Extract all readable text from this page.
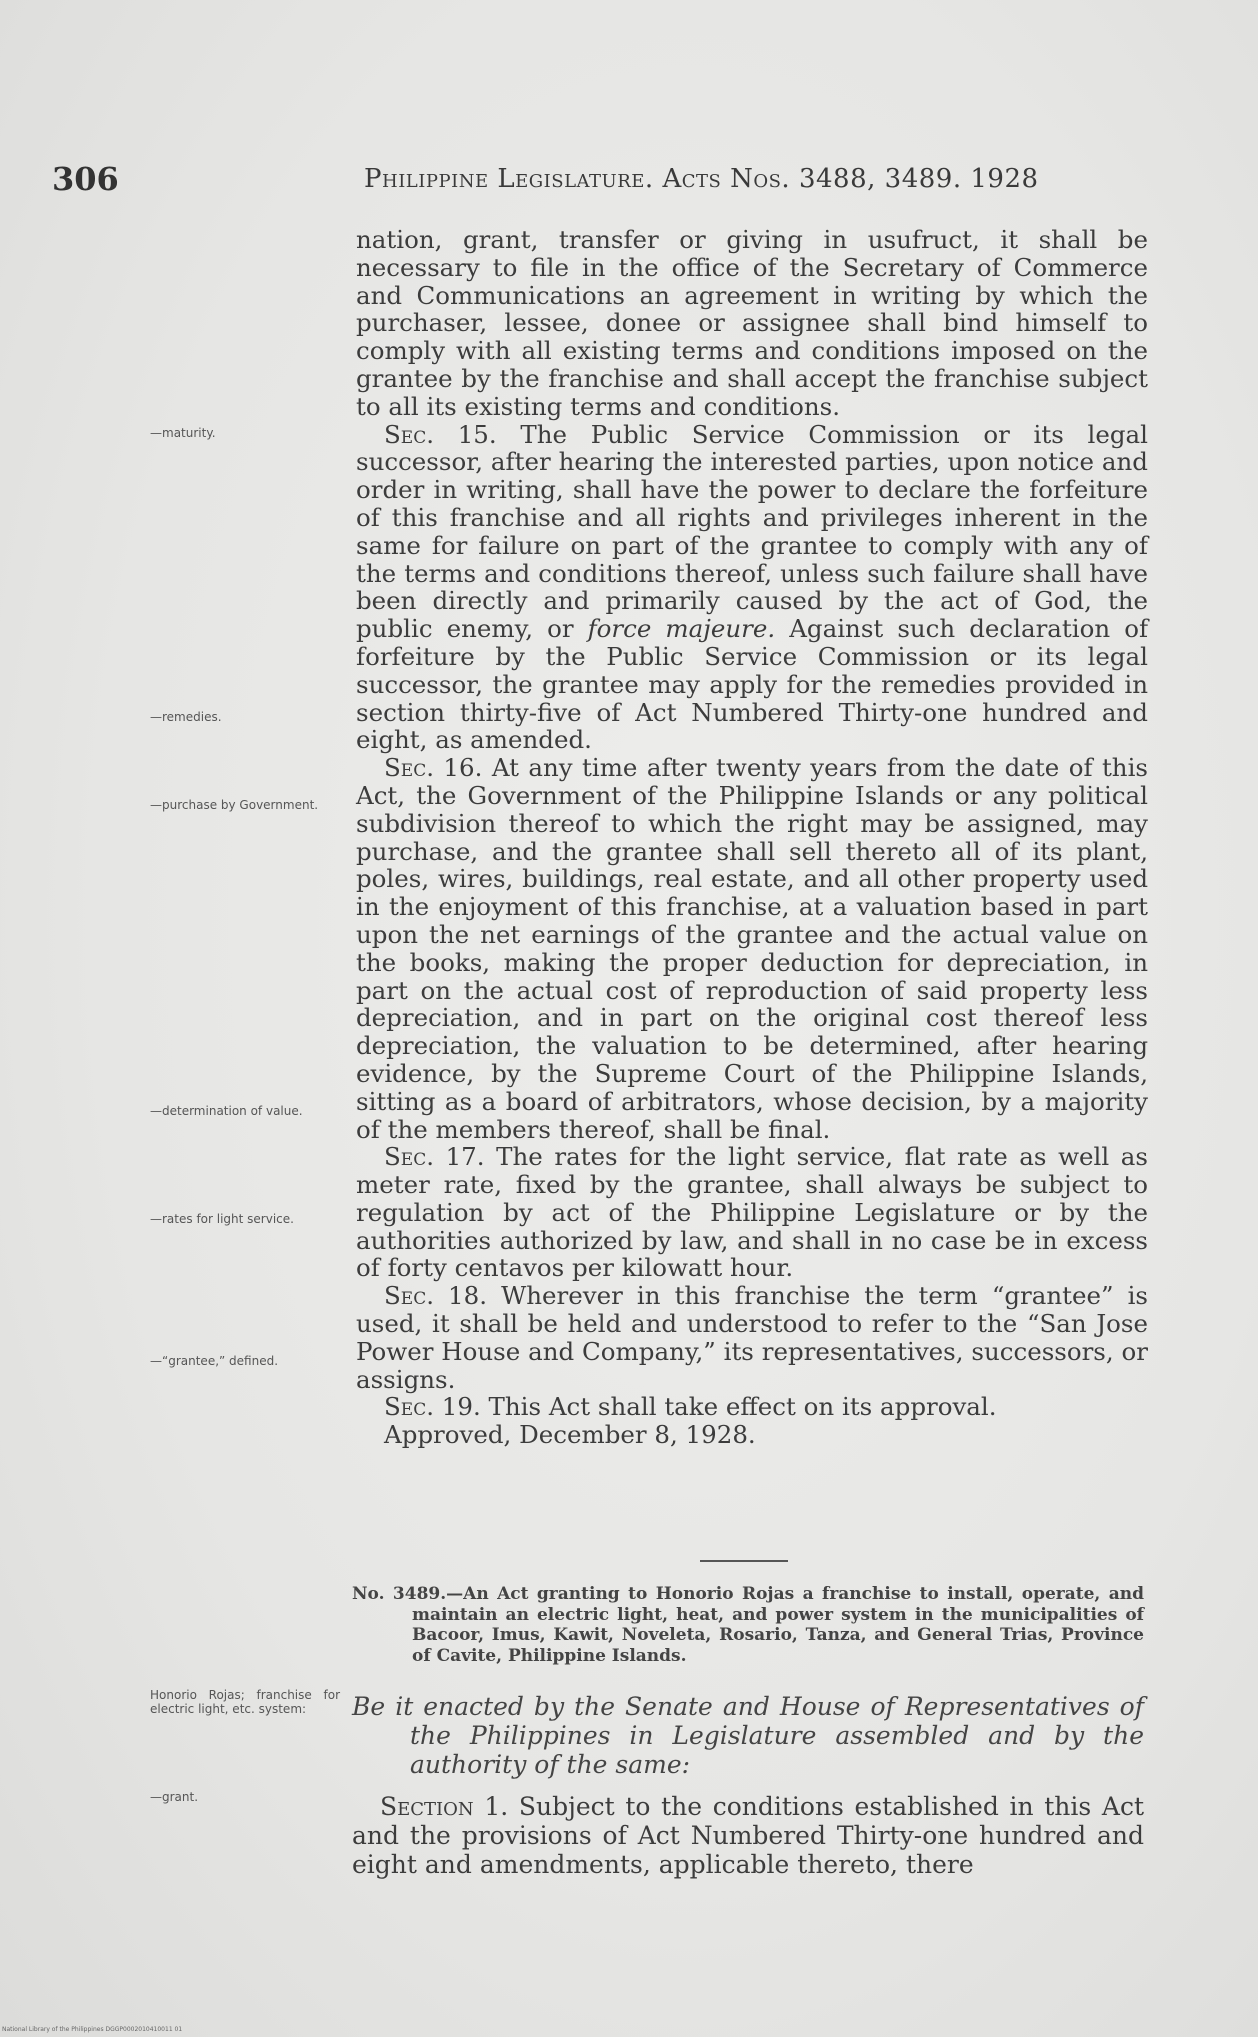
306	Philippine Legislature. Acts Nos. 3488, 3489. 1928

nation, grant, transfer or giving in usufruct, it shall be necessary to file in the office of the Secretary of Commerce and Communications an agreement in writing by which the purchaser, lessee, donee or assignee shall bind himself to comply with all existing terms and conditions imposed on the grantee by the franchise and shall accept the franchise subject to all its existing terms and conditions.

Sec. 15. The Public Service Commission or its legal successor, after hearing the interested parties, upon notice and order in writing, shall have the power to declare the forfeiture of this franchise and all rights and privileges inherent in the same for failure on part of the grantee to comply with any of the terms and conditions thereof, unless such failure shall have been directly and primarily caused by the act of God, the public enemy, or force majeure. Against such declaration of forfeiture by the Public Service Commission or its legal successor, the grantee may apply for the remedies provided in section thirty-five of Act Numbered Thirty-one hundred and eight, as amended.

Sec. 16. At any time after twenty years from the date of this Act, the Government of the Philippine Islands or any political subdivision thereof to which the right may be assigned, may purchase, and the grantee shall sell thereto all of its plant, poles, wires, buildings, real estate, and all other property used in the enjoyment of this franchise, at a valuation based in part upon the net earnings of the grantee and the actual value on the books, making the proper deduction for depreciation, in part on the actual cost of reproduction of said property less depreciation, and in part on the original cost thereof less depreciation, the valuation to be determined, after hearing evidence, by the Supreme Court of the Philippine Islands, sitting as a board of arbitrators, whose decision, by a majority of the members thereof, shall be final.

Sec. 17. The rates for the light service, flat rate as well as meter rate, fixed by the grantee, shall always be subject to regulation by act of the Philippine Legislature or by the authorities authorized by law, and shall in no case be in excess of forty centavos per kilowatt hour.

Sec. 18. Wherever in this franchise the term “grantee” is used, it shall be held and understood to refer to the “San Jose Power House and Company,” its representatives, successors, or assigns.

Sec. 19. This Act shall take effect on its approval.

Approved, December 8, 1928.

—maturity.
—remedies.
—purchase by Government.
—determination of value.
—rates for light service.
—“grantee,” defined.
No. 3489.—An Act granting to Honorio Rojas a franchise to install, operate, and maintain an electric light, heat, and power system in the municipalities of Bacoor, Imus, Kawit, Noveleta, Rosario, Tanza, and General Trias, Province of Cavite, Philippine Islands.
Honorio Rojas; franchise for electric light, etc. system:	Be it enacted by the Senate and House of Representatives of the Philippines in Legislature assembled and by the authority of the same:
—grant.	Section 1. Subject to the conditions established in this Act and the provisions of Act Numbered Thirty-one hundred and eight and amendments, applicable thereto, there
National Library of the Philippines DGGP0002010410011 01
